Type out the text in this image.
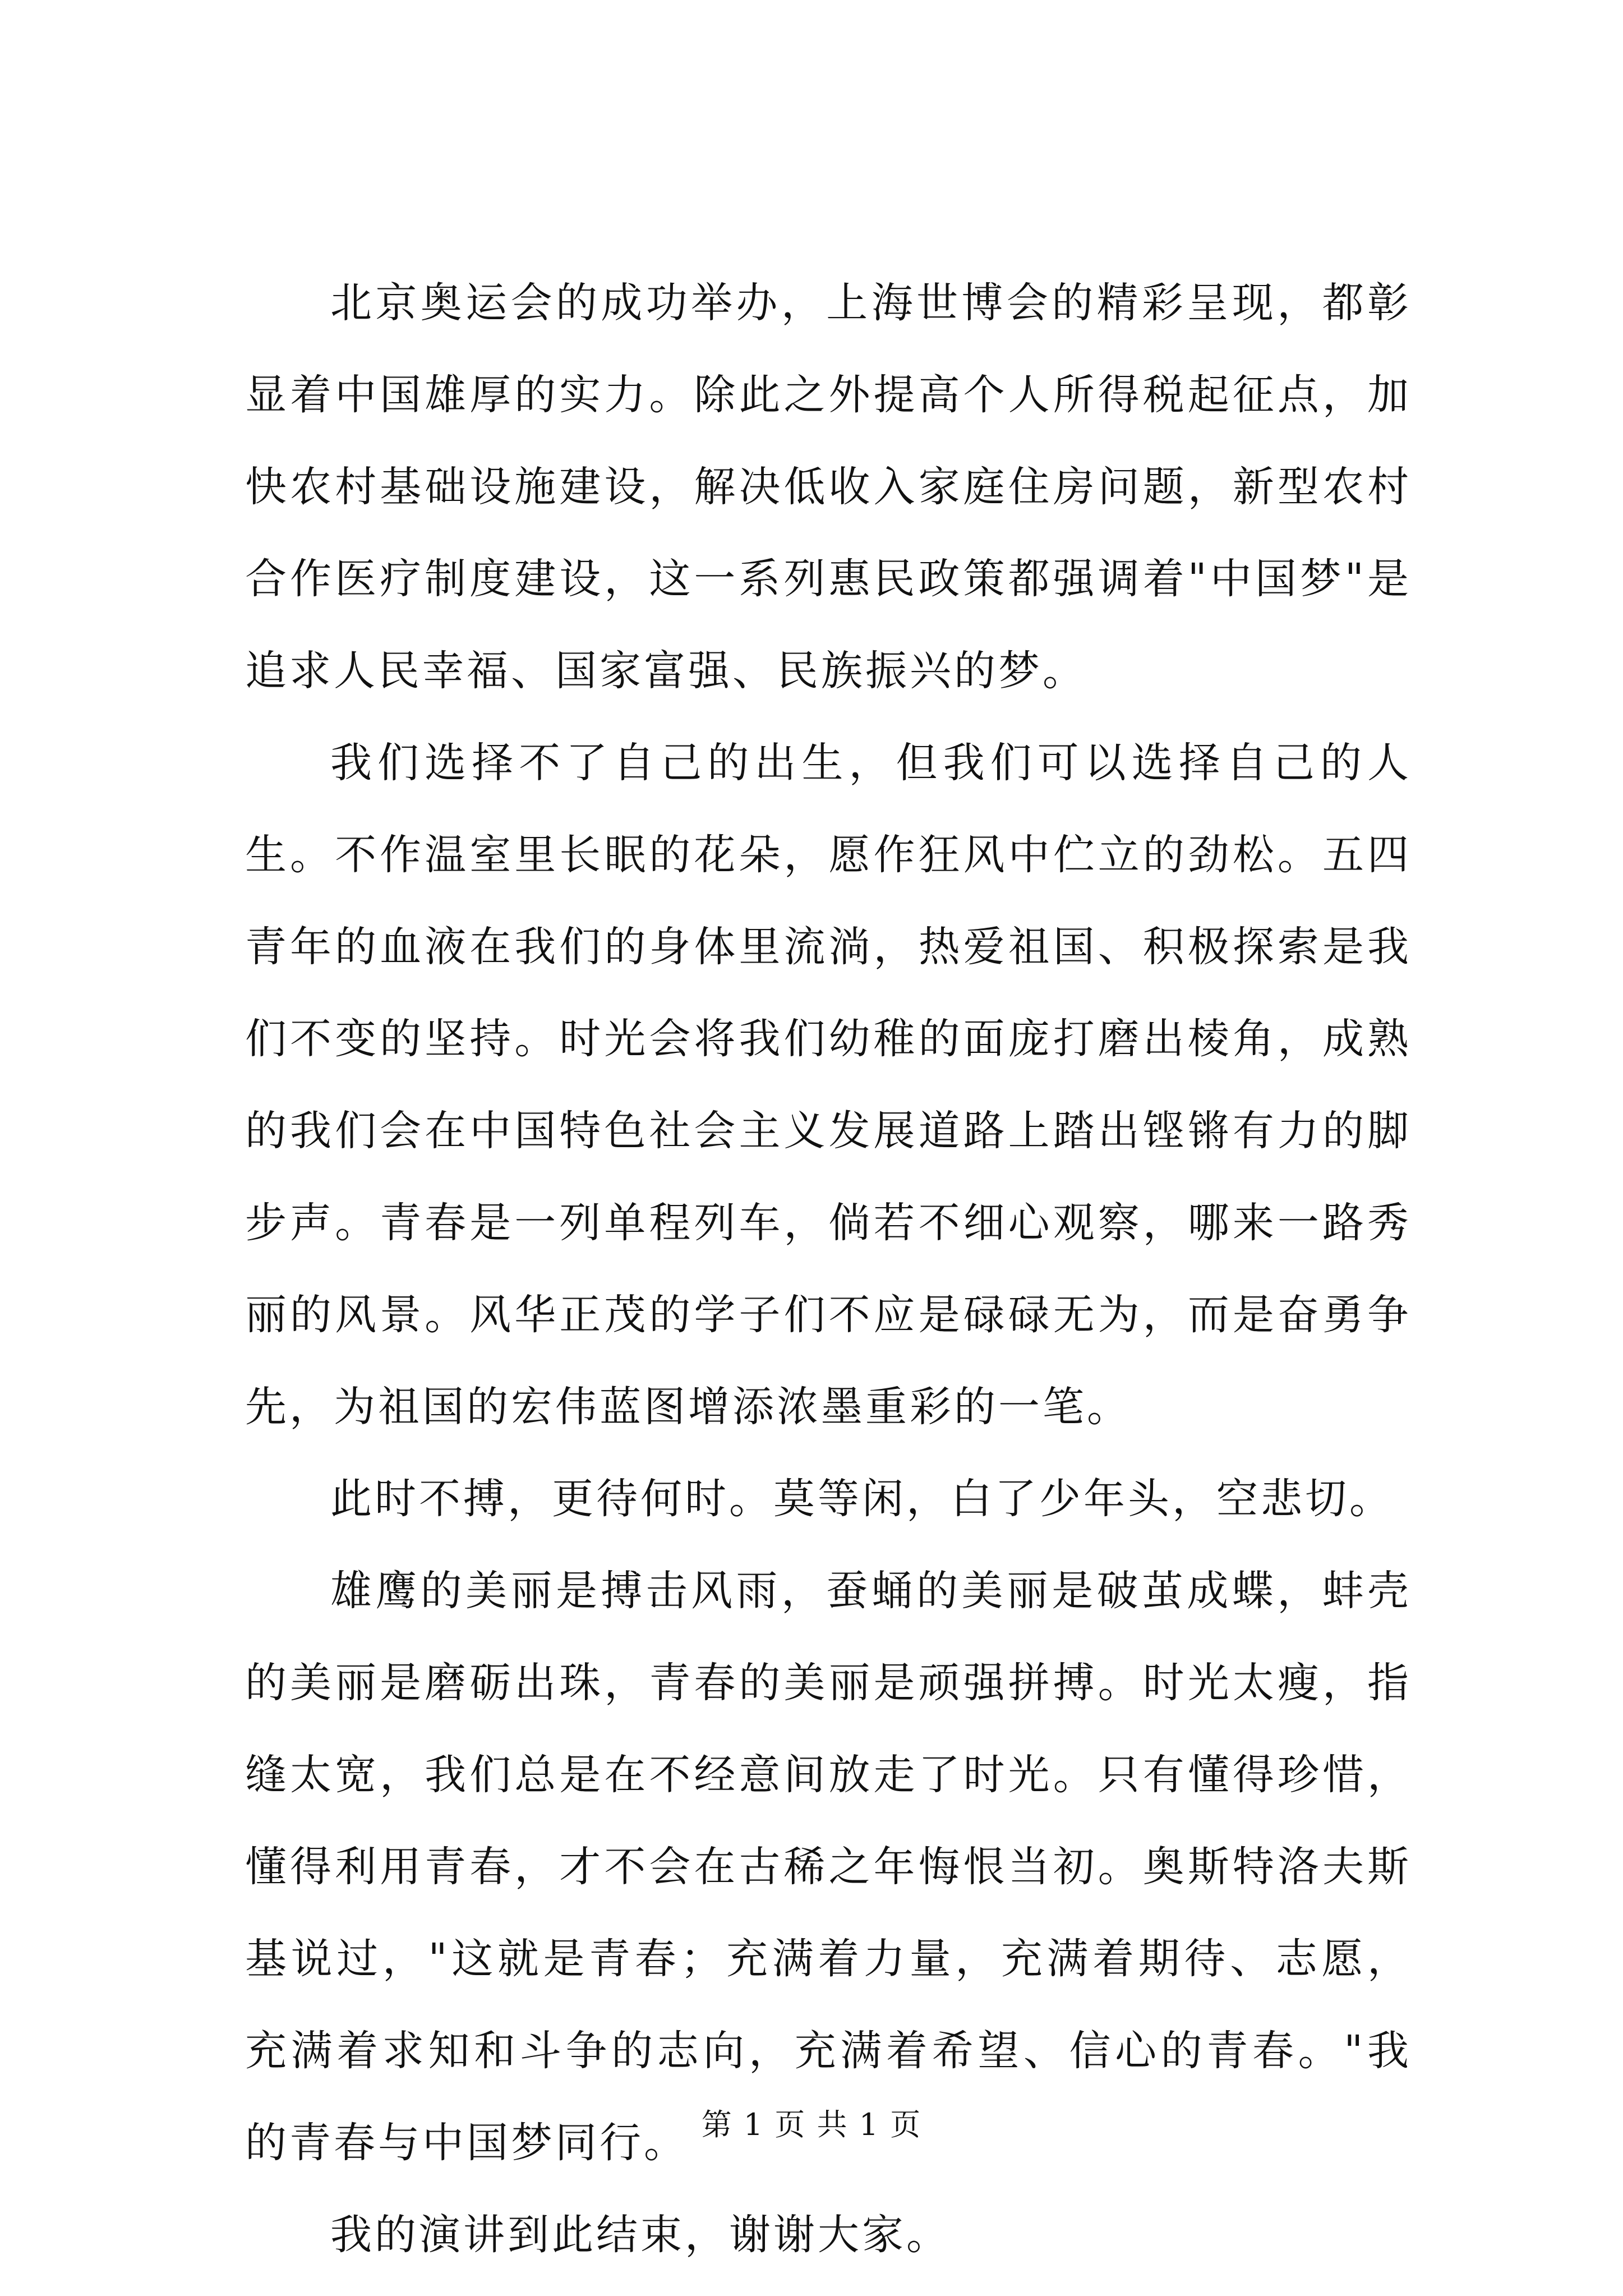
北京奥运会的成功举办，上海世博会的精彩呈现，都彰显着中国雄厚的实力。除此之外提高个人所得税起征点，加快农村基础设施建设，解决低收入家庭住房问题，新型农村合作医疗制度建设，这一系列惠民政策都强调着"中国梦"是追求人民幸福、国家富强、民族振兴的梦。

我们选择不了自己的出生，但我们可以选择自己的人生。不作温室里长眠的花朵，愿作狂风中伫立的劲松。五四青年的血液在我们的身体里流淌，热爱祖国、积极探索是我们不变的坚持。时光会将我们幼稚的面庞打磨出棱角，成熟的我们会在中国特色社会主义发展道路上踏出铿锵有力的脚步声。青春是一列单程列车，倘若不细心观察，哪来一路秀丽的风景。风华正茂的学子们不应是碌碌无为，而是奋勇争先，为祖国的宏伟蓝图增添浓墨重彩的一笔。

此时不搏，更待何时。莫等闲，白了少年头，空悲切。

雄鹰的美丽是搏击风雨，蚕蛹的美丽是破茧成蝶，蚌壳的美丽是磨砺出珠，青春的美丽是顽强拼搏。时光太瘦，指缝太宽，我们总是在不经意间放走了时光。只有懂得珍惜，懂得利用青春，才不会在古稀之年悔恨当初。奥斯特洛夫斯基说过，"这就是青春；充满着力量，充满着期待、志愿，充满着求知和斗争的志向，充满着希望、信心的青春。"我的青春与中国梦同行。

我的演讲到此结束，谢谢大家。

第 1 页 共 1 页
